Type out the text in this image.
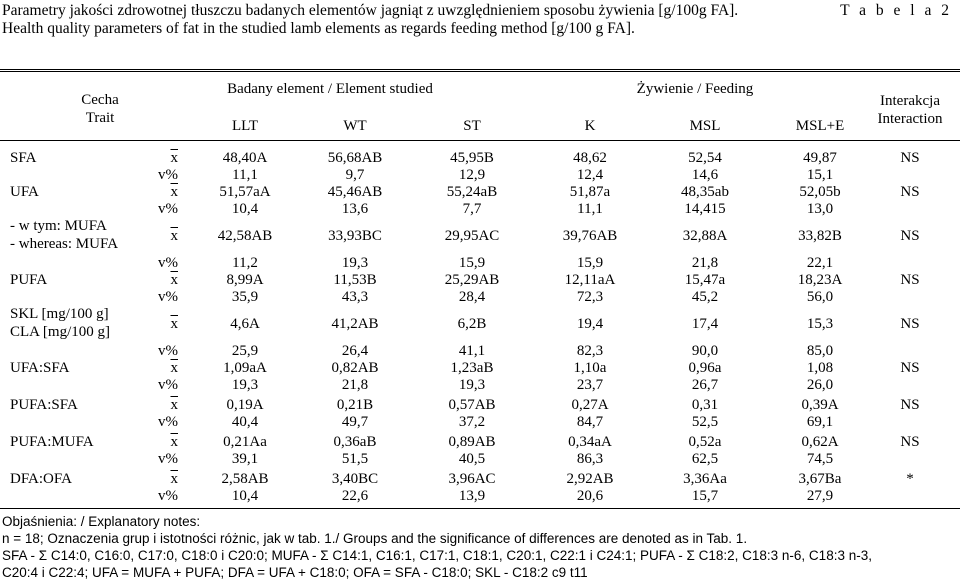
Parametry jakości zdrowotnej tłuszczu badanych elementów jagniąt z uwzględnieniem sposobu żywienia [g/100g FA].
Health quality parameters of fat in the studied lamb elements as regards feeding method [g/100 g FA].
T a b e l a 2
Cecha
Trait
Badany element / Element studied	Żywienie / Feeding
Interakcja
Interaction
LLT	WT	ST	K	MSL	MSL+E
SFA	$\overline{x}$	48,40A	56,68AB	45,95B	48,62	52,54	49,87	NS
v%	11,1	9,7	12,9	12,4	14,6	15,1
UFA	$\overline{x}$	51,57aA	45,46AB	55,24aB	51,87a	48,35ab	52,05b	NS
v%	10,4	13,6	7,7	11,1	14,415	13,0
- w tym: MUFA
- whereas: MUFA	$\overline{x}$	42,58AB	33,93BC	29,95AC	39,76AB	32,88A	33,82B	NS
v%	11,2	19,3	15,9	15,9	21,8	22,1
PUFA	$\overline{x}$	8,99A	11,53B	25,29AB	12,11aA	15,47a	18,23A	NS
v%	35,9	43,3	28,4	72,3	45,2	56,0
SKL [mg/100 g]
CLA [mg/100 g]	$\overline{x}$	4,6A	41,2AB	6,2B	19,4	17,4	15,3	NS
v%	25,9	26,4	41,1	82,3	90,0	85,0
UFA:SFA	$\overline{x}$	1,09aA	0,82AB	1,23aB	1,10a	0,96a	1,08	NS
v%	19,3	21,8	19,3	23,7	26,7	26,0
PUFA:SFA	$\overline{x}$	0,19A	0,21B	0,57AB	0,27A	0,31	0,39A	NS
v%	40,4	49,7	37,2	84,7	52,5	69,1
PUFA:MUFA	$\overline{x}$	0,21Aa	0,36aB	0,89AB	0,34aA	0,52a	0,62A	NS
v%	39,1	51,5	40,5	86,3	62,5	74,5
DFA:OFA	$\overline{x}$	2,58AB	3,40BC	3,96AC	2,92AB	3,36Aa	3,67Ba	*
v%	10,4	22,6	13,9	20,6	15,7	27,9
Objaśnienia: / Explanatory notes:
n = 18; Oznaczenia grup i istotności różnic, jak w tab. 1./ Groups and the significance of differences are denoted as in Tab. 1.
SFA - Σ C14:0, C16:0, C17:0, C18:0 i C20:0; MUFA - Σ C14:1, C16:1, C17:1, C18:1, C20:1, C22:1 i C24:1; PUFA - Σ C18:2, C18:3 n-6, C18:3 n-3,
C20:4 i C22:4; UFA = MUFA + PUFA; DFA = UFA + C18:0; OFA = SFA - C18:0; SKL - C18:2 c9 t11
